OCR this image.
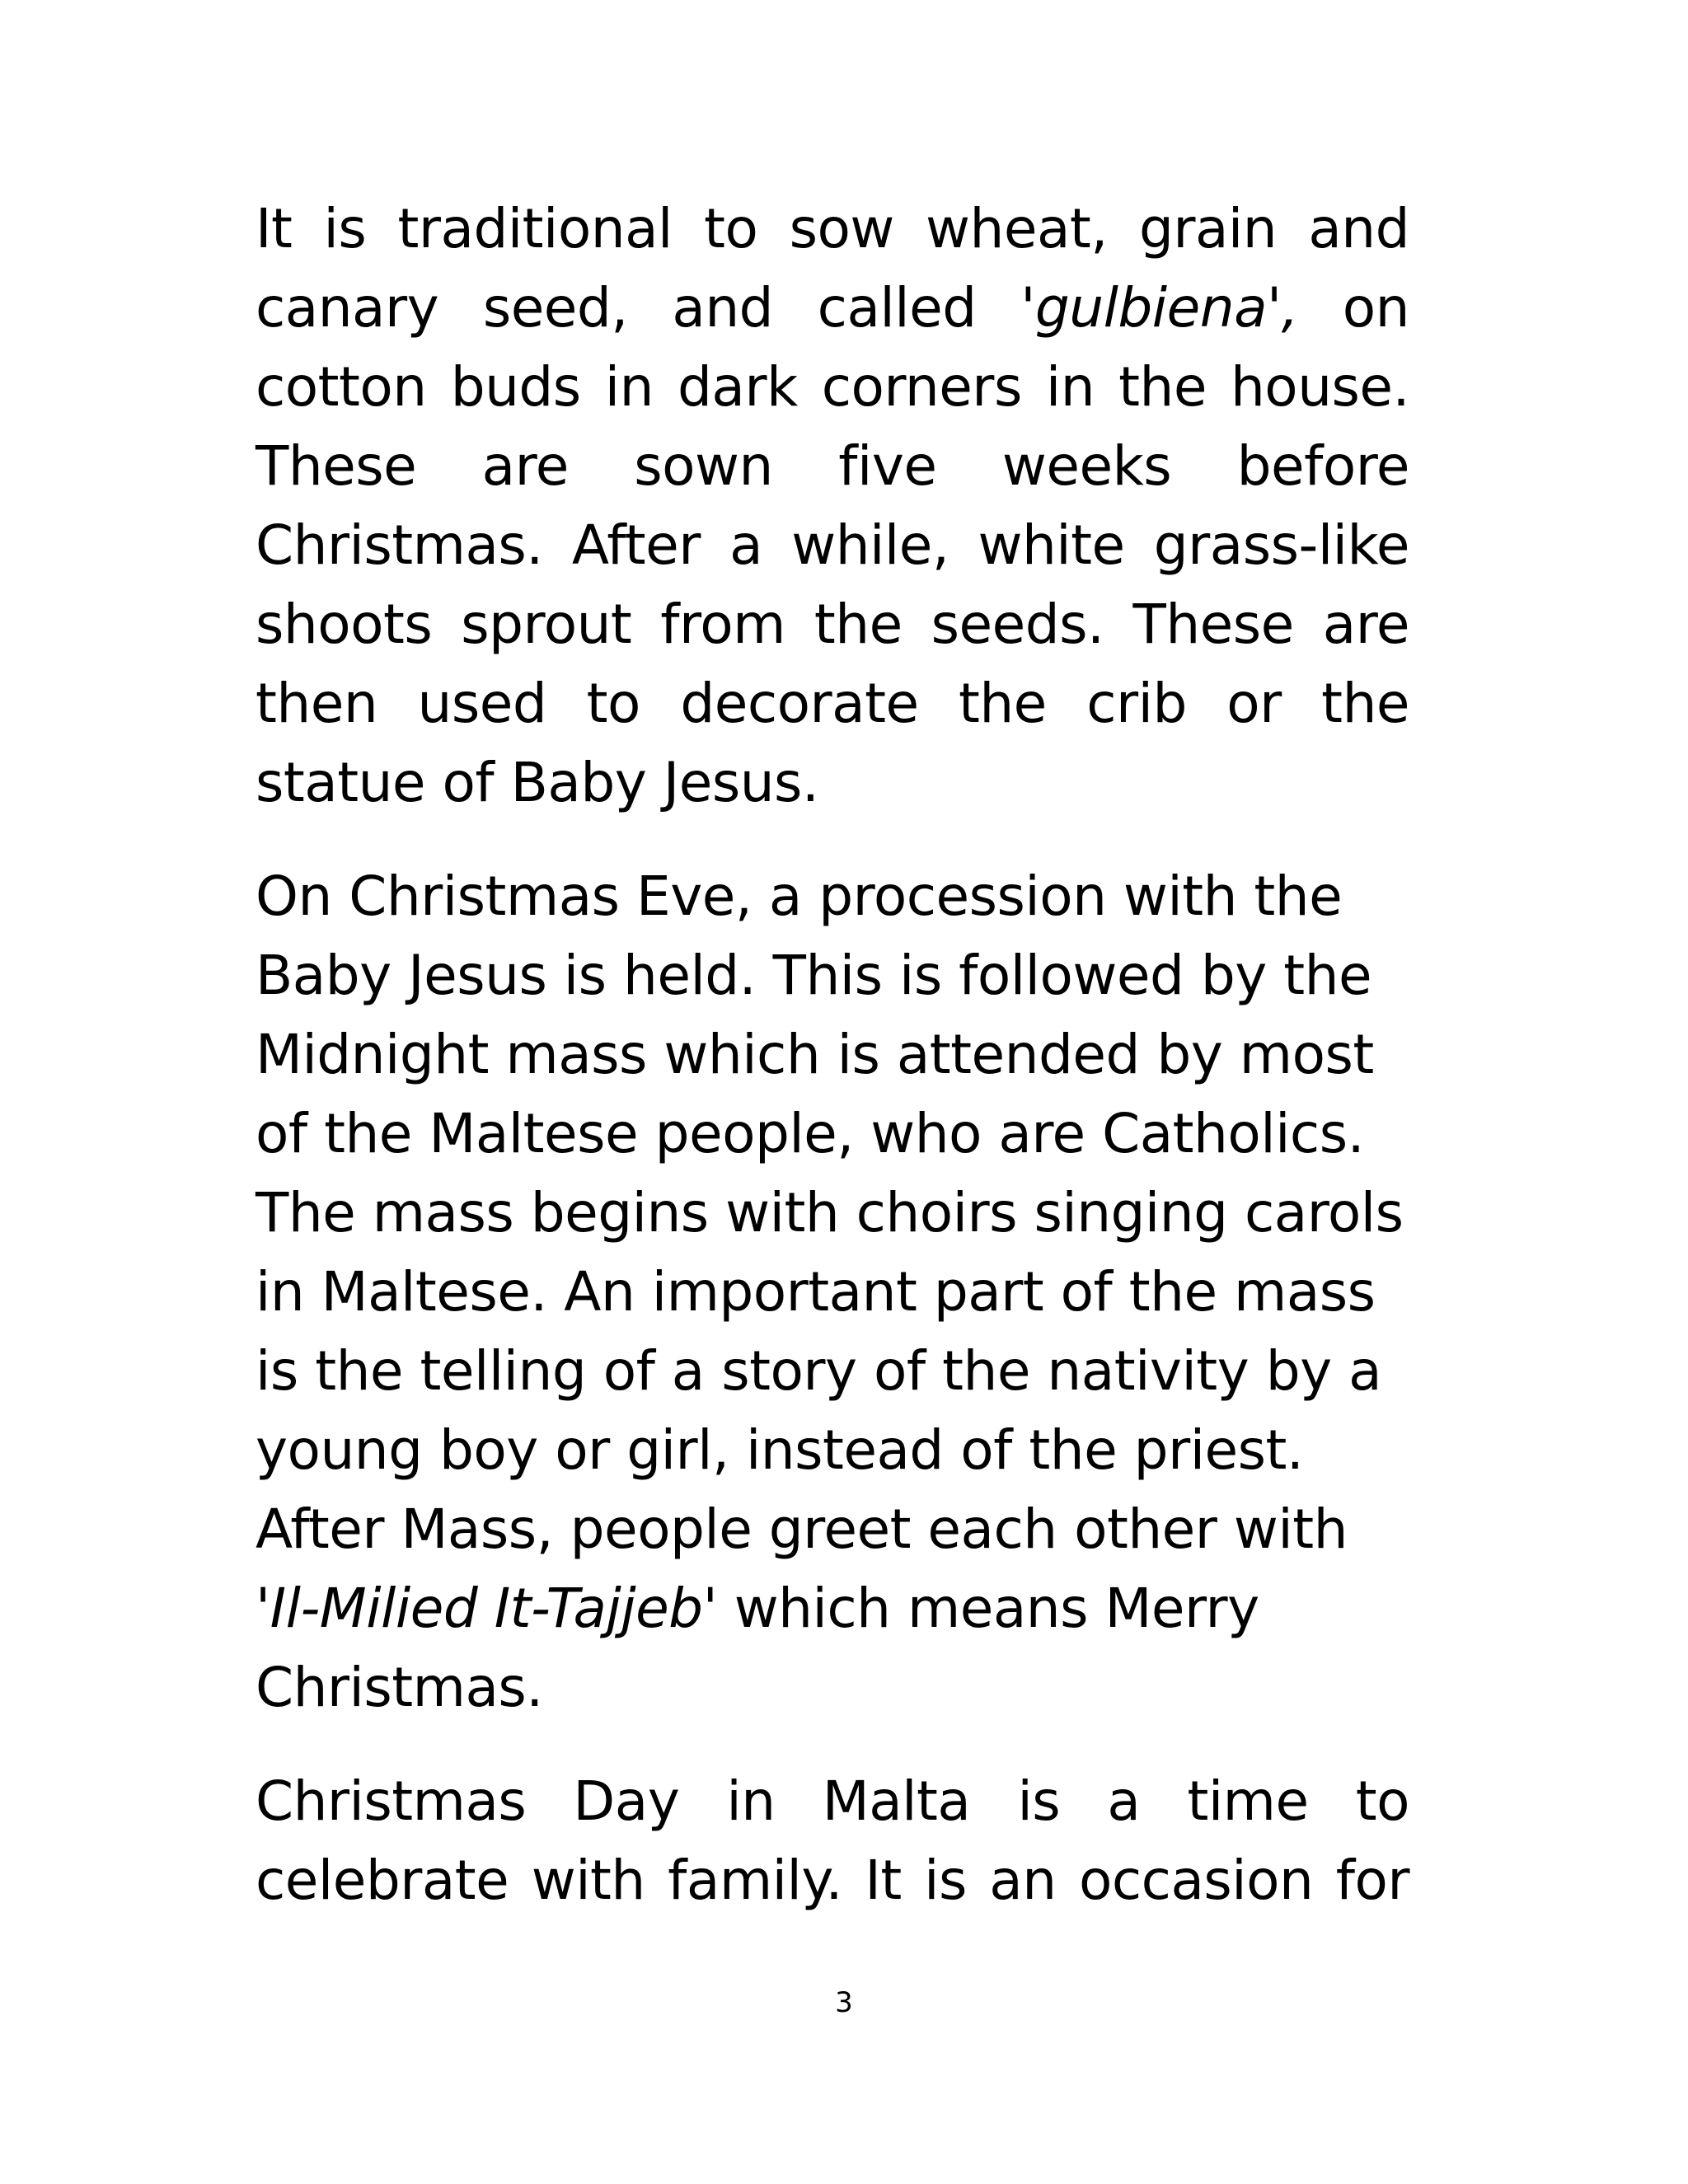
It is traditional to sow wheat, grain and
canary seed, and called 'gulbiena', on
cotton buds in dark corners in the house.
These are sown five weeks before
Christmas. After a while, white grass-like
shoots sprout from the seeds. These are
then used to decorate the crib or the
statue of Baby Jesus.

On Christmas Eve, a procession with the
Baby Jesus is held. This is followed by the
Midnight mass which is attended by most
of the Maltese people, who are Catholics.
The mass begins with choirs singing carols
in Maltese. An important part of the mass
is the telling of a story of the nativity by a
young boy or girl, instead of the priest.
After Mass, people greet each other with
'Il-Milied It-Tajjeb' which means Merry
Christmas.

Christmas Day in Malta is a time to
celebrate with family. It is an occasion for

3
